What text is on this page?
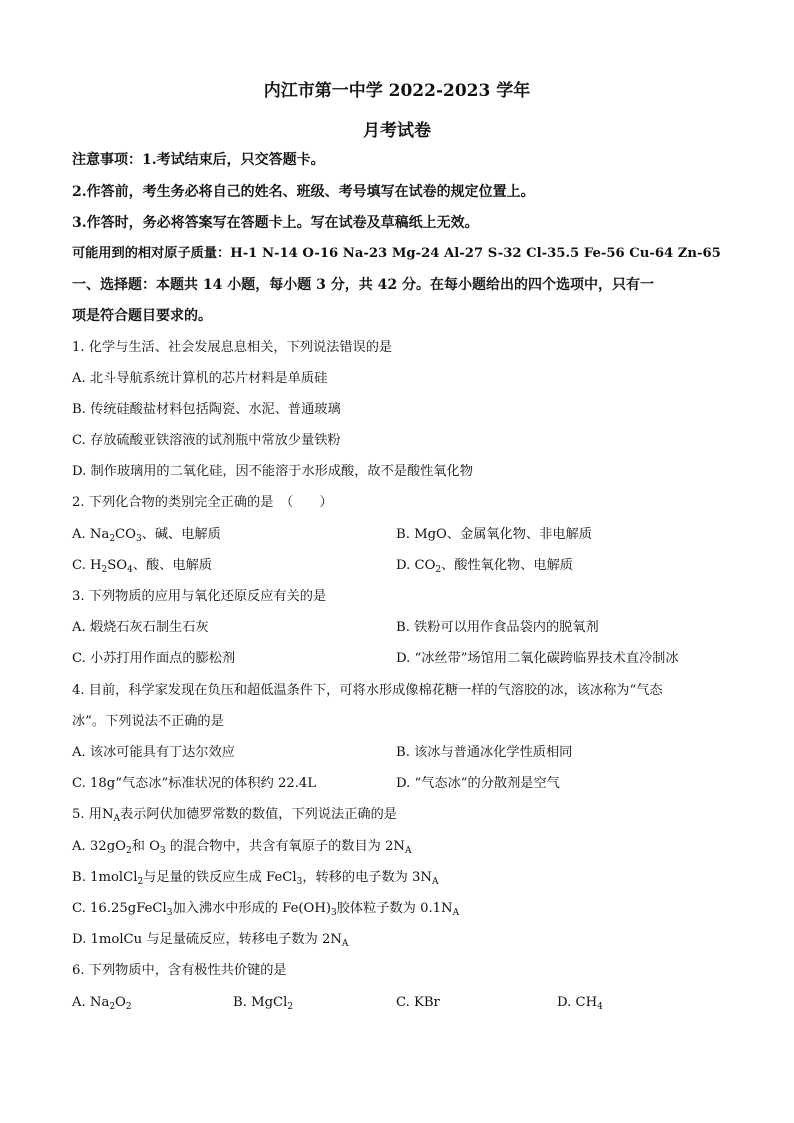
内江市第一中学 2022-2023 学年
月考试卷
注意事项：1.考试结束后，只交答题卡。
2.作答前，考生务必将自己的姓名、班级、考号填写在试卷的规定位置上。
3.作答时，务必将答案写在答题卡上。写在试卷及草稿纸上无效。
可能用到的相对原子质量：H-1 N-14 O-16 Na-23 Mg-24 Al-27 S-32 Cl-35.5 Fe-56 Cu-64 Zn-65
一、选择题：本题共 14 小题，每小题 3 分，共 42 分。在每小题给出的四个选项中，只有一
项是符合题目要求的。
1. 化学与生活、社会发展息息相关，下列说法错误的是
A. 北斗导航系统计算机的芯片材料是单质硅
B. 传统硅酸盐材料包括陶瓷、水泥、普通玻璃
C. 存放硫酸亚铁溶液的试剂瓶中常放少量铁粉
D. 制作玻璃用的二氧化硅，因不能溶于水形成酸，故不是酸性氧化物
2. 下列化合物的类别完全正确的是　（　　）
A. $Na_2CO_3$、碱、电解质	B. MgO、金属氧化物、非电解质
C. $H_2SO_4$、酸、电解质	D. $CO_2$、酸性氧化物、电解质
3. 下列物质的应用与氧化还原反应有关的是
A. 煅烧石灰石制生石灰	B. 铁粉可以用作食品袋内的脱氧剂
C. 小苏打用作面点的膨松剂	D. “冰丝带”场馆用二氧化碳跨临界技术直冷制冰
4. 目前，科学家发现在负压和超低温条件下，可将水形成像棉花糖一样的气溶胶的冰，该冰称为“气态
冰”。下列说法不正确的是
A. 该冰可能具有丁达尔效应	B. 该冰与普通冰化学性质相同
C. 18g“气态冰”标准状况的体积约 22.4L	D. “气态冰”的分散剂是空气
5. 用$N_A$表示阿伏加德罗常数的数值，下列说法正确的是
A. $32gO_2$和 $O_3$ 的混合物中，共含有氧原子的数目为 $2N_A$
B. 1molCl$_2$与足量的铁反应生成 FeCl$_3$，转移的电子数为 $3N_A$
C. 16.25gFeCl$_3$加入沸水中形成的 $Fe(OH)_3$胶体粒子数为 $0.1N_A$
D. 1molCu 与足量硫反应，转移电子数为 $2N_A$
6. 下列物质中，含有极性共价键的是
A. $Na_2O_2$	B. MgCl$_2$	C. KBr	D. $CH_4$
